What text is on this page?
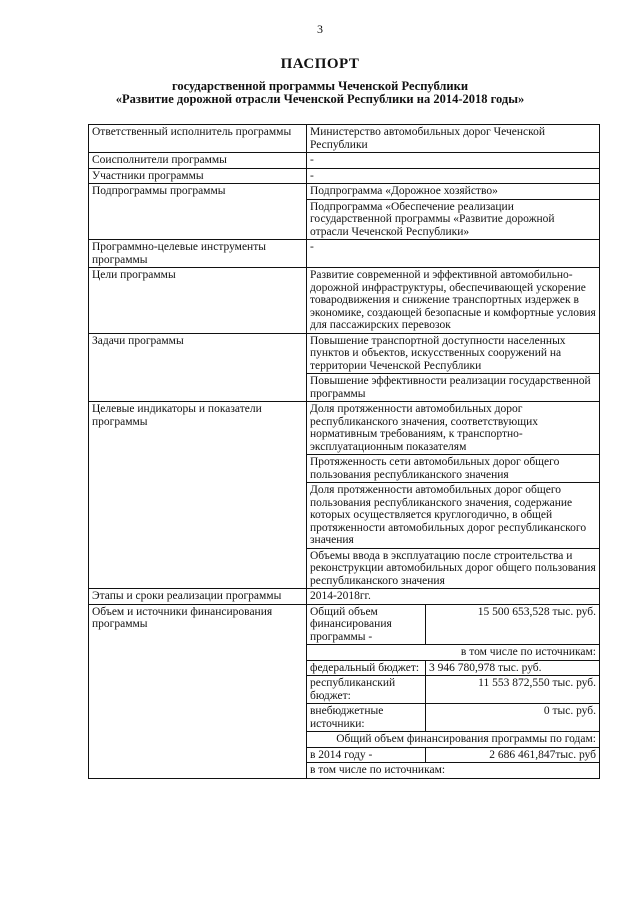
3
ПАСПОРТ
государственной программы Чеченской Республики
«Развитие дорожной отрасли Чеченской Республики на 2014-2018 годы»
Ответственный исполнитель программы	Министерство автомобильных дорог Чеченской Республики
Соисполнители программы	-
Участники программы	-
Подпрограммы программы	Подпрограмма «Дорожное хозяйство»
Подпрограмма «Обеспечение реализации государственной программы «Развитие дорожной отрасли Чеченской Республики»
Программно-целевые инструменты программы	-
Цели программы	Развитие современной и эффективной автомобильно-дорожной инфраструктуры, обеспечивающей ускорение товародвижения и снижение транспортных издержек в экономике, создающей безопасные и комфортные условия для пассажирских перевозок
Задачи программы	Повышение транспортной доступности населенных пунктов и объектов, искусственных сооружений на территории Чеченской Республики
Повышение эффективности реализации государственной программы
Целевые индикаторы и показатели программы	Доля протяженности автомобильных дорог республиканского значения, соответствующих нормативным требованиям, к транспортно-эксплуатационным показателям
Протяженность сети автомобильных дорог общего пользования республиканского значения
Доля протяженности автомобильных дорог общего пользования республиканского значения, содержание которых осуществляется круглогодично, в общей протяженности автомобильных дорог республиканского значения
Объемы ввода в эксплуатацию после строительства и реконструкции автомобильных дорог общего пользования республиканского значения
Этапы и сроки реализации программы	2014-2018гг.
Объем и источники финансирования программы	
Общий объем финансирования программы -	15 500 653,528 тыс. руб.
в том числе по источникам:
федеральный бюджет:	3 946 780,978 тыс. руб.
республиканский бюджет:	11 553 872,550 тыс. руб.
внебюджетные источники:	0 тыс. руб.
Общий объем финансирования программы по годам:
в 2014 году -	2 686 461,847тыс. руб
в том числе по источникам:
